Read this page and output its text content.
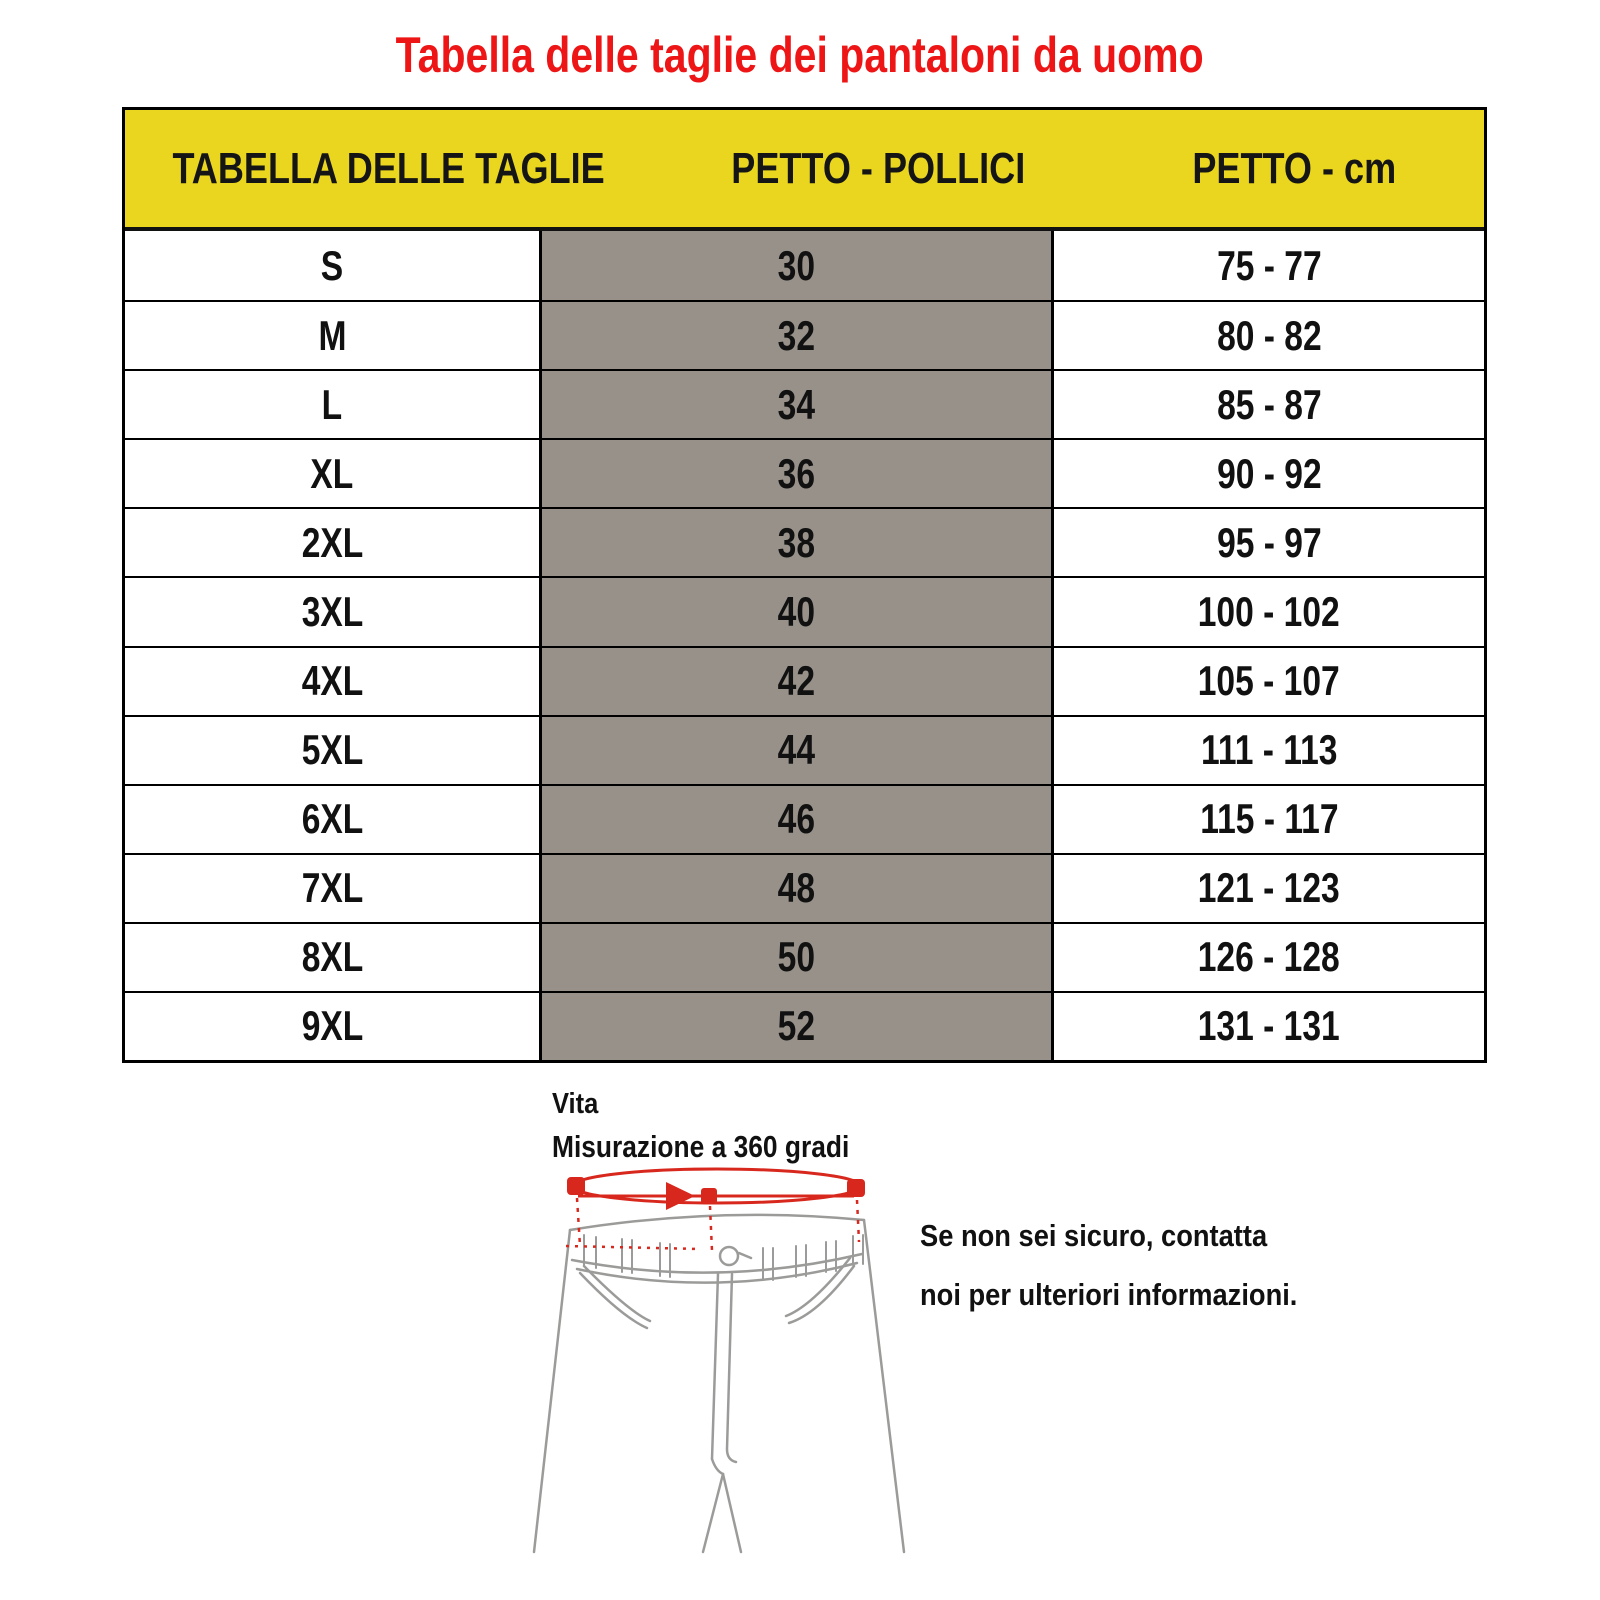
Tabella delle taglie dei pantaloni da uomo
TABELLA DELLE TAGLIE	PETTO - POLLICI	PETTO - cm
S	30	75 - 77
M	32	80 - 82
L	34	85 - 87
XL	36	90 - 92
2XL	38	95 - 97
3XL	40	100 - 102
4XL	42	105 - 107
5XL	44	111 - 113
6XL	46	115 - 117
7XL	48	121 - 123
8XL	50	126 - 128
9XL	52	131 - 131
Vita
Misurazione a 360 gradi
Se non sei sicuro, contatta
noi per ulteriori informazioni.
